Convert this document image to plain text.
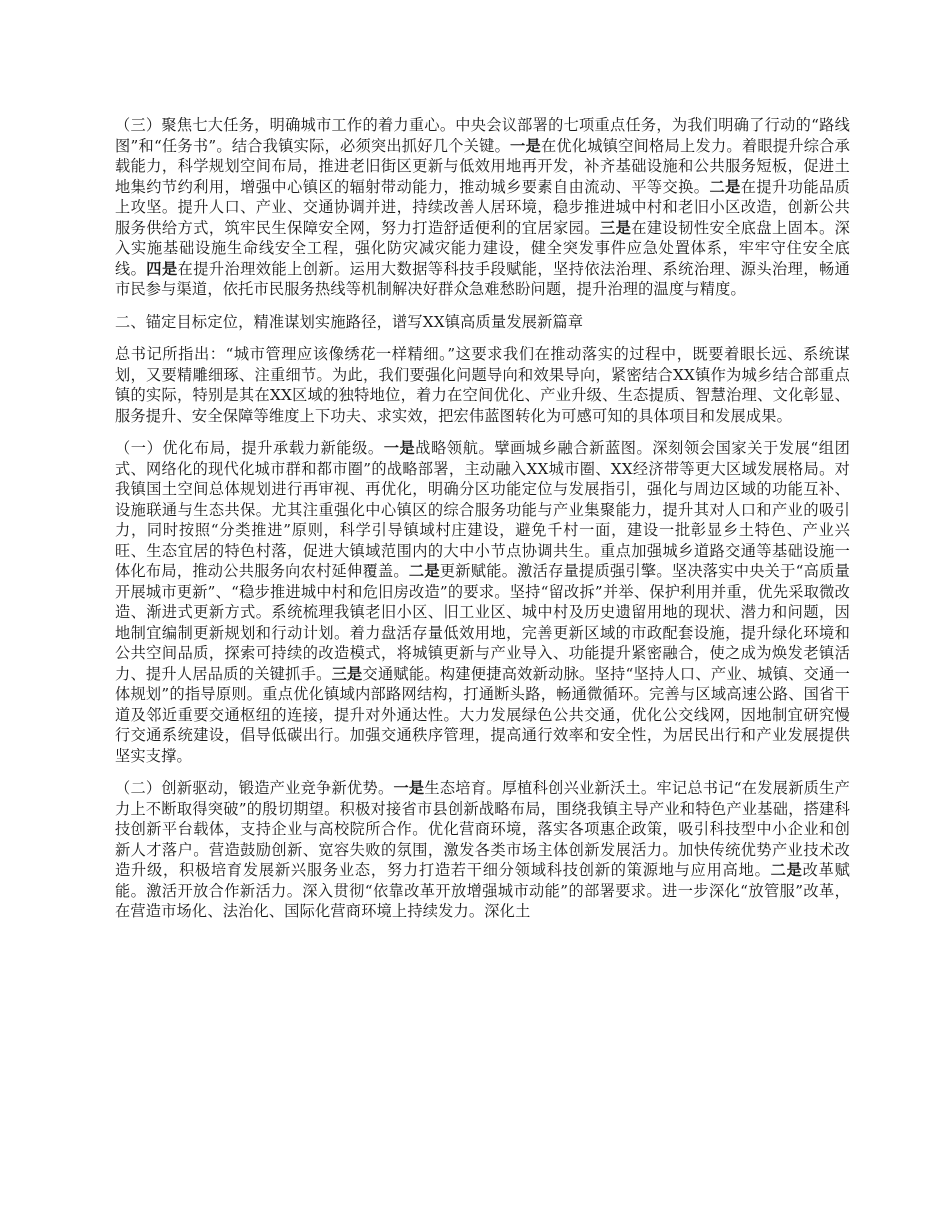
（三）聚焦七大任务，明确城市工作的着力重心。中央会议部署的七项重点任务，为我们明确了行动的“路线图”和“任务书”。结合我镇实际，必须突出抓好几个关键。一是在优化城镇空间格局上发力。着眼提升综合承载能力，科学规划空间布局，推进老旧街区更新与低效用地再开发，补齐基础设施和公共服务短板，促进土地集约节约利用，增强中心镇区的辐射带动能力，推动城乡要素自由流动、平等交换。二是在提升功能品质上攻坚。提升人口、产业、交通协调并进，持续改善人居环境，稳步推进城中村和老旧小区改造，创新公共服务供给方式，筑牢民生保障安全网，努力打造舒适便利的宜居家园。三是在建设韧性安全底盘上固本。深入实施基础设施生命线安全工程，强化防灾减灾能力建设，健全突发事件应急处置体系，牢牢守住安全底线。四是在提升治理效能上创新。运用大数据等科技手段赋能，坚持依法治理、系统治理、源头治理，畅通市民参与渠道，依托市民服务热线等机制解决好群众急难愁盼问题，提升治理的温度与精度。

二、锚定目标定位，精准谋划实施路径，谱写XX镇高质量发展新篇章

总书记所指出：“城市管理应该像绣花一样精细。”这要求我们在推动落实的过程中，既要着眼长远、系统谋划，又要精雕细琢、注重细节。为此，我们要强化问题导向和效果导向，紧密结合XX镇作为城乡结合部重点镇的实际，特别是其在XX区域的独特地位，着力在空间优化、产业升级、生态提质、智慧治理、文化彰显、服务提升、安全保障等维度上下功夫、求实效，把宏伟蓝图转化为可感可知的具体项目和发展成果。

（一）优化布局，提升承载力新能级。一是战略领航。擘画城乡融合新蓝图。深刻领会国家关于发展“组团式、网络化的现代化城市群和都市圈”的战略部署，主动融入XX城市圈、XX经济带等更大区域发展格局。对我镇国土空间总体规划进行再审视、再优化，明确分区功能定位与发展指引，强化与周边区域的功能互补、设施联通与生态共保。尤其注重强化中心镇区的综合服务功能与产业集聚能力，提升其对人口和产业的吸引力，同时按照“分类推进”原则，科学引导镇域村庄建设，避免千村一面，建设一批彰显乡土特色、产业兴旺、生态宜居的特色村落，促进大镇域范围内的大中小节点协调共生。重点加强城乡道路交通等基础设施一体化布局，推动公共服务向农村延伸覆盖。二是更新赋能。激活存量提质强引擎。坚决落实中央关于“高质量开展城市更新”、“稳步推进城中村和危旧房改造”的要求。坚持“留改拆”并举、保护利用并重，优先采取微改造、渐进式更新方式。系统梳理我镇老旧小区、旧工业区、城中村及历史遗留用地的现状、潜力和问题，因地制宜编制更新规划和行动计划。着力盘活存量低效用地，完善更新区域的市政配套设施，提升绿化环境和公共空间品质，探索可持续的改造模式，将城镇更新与产业导入、功能提升紧密融合，使之成为焕发老镇活力、提升人居品质的关键抓手。三是交通赋能。构建便捷高效新动脉。坚持“坚持人口、产业、城镇、交通一体规划”的指导原则。重点优化镇域内部路网结构，打通断头路，畅通微循环。完善与区域高速公路、国省干道及邻近重要交通枢纽的连接，提升对外通达性。大力发展绿色公共交通，优化公交线网，因地制宜研究慢行交通系统建设，倡导低碳出行。加强交通秩序管理，提高通行效率和安全性，为居民出行和产业发展提供坚实支撑。

（二）创新驱动，锻造产业竞争新优势。一是生态培育。厚植科创兴业新沃土。牢记总书记“在发展新质生产力上不断取得突破”的殷切期望。积极对接省市县创新战略布局，围绕我镇主导产业和特色产业基础，搭建科技创新平台载体，支持企业与高校院所合作。优化营商环境，落实各项惠企政策，吸引科技型中小企业和创新人才落户。营造鼓励创新、宽容失败的氛围，激发各类市场主体创新发展活力。加快传统优势产业技术改造升级，积极培育发展新兴服务业态，努力打造若干细分领域科技创新的策源地与应用高地。二是改革赋能。激活开放合作新活力。深入贯彻“依靠改革开放增强城市动能”的部署要求。进一步深化“放管服”改革，在营造市场化、法治化、国际化营商环境上持续发力。深化土
